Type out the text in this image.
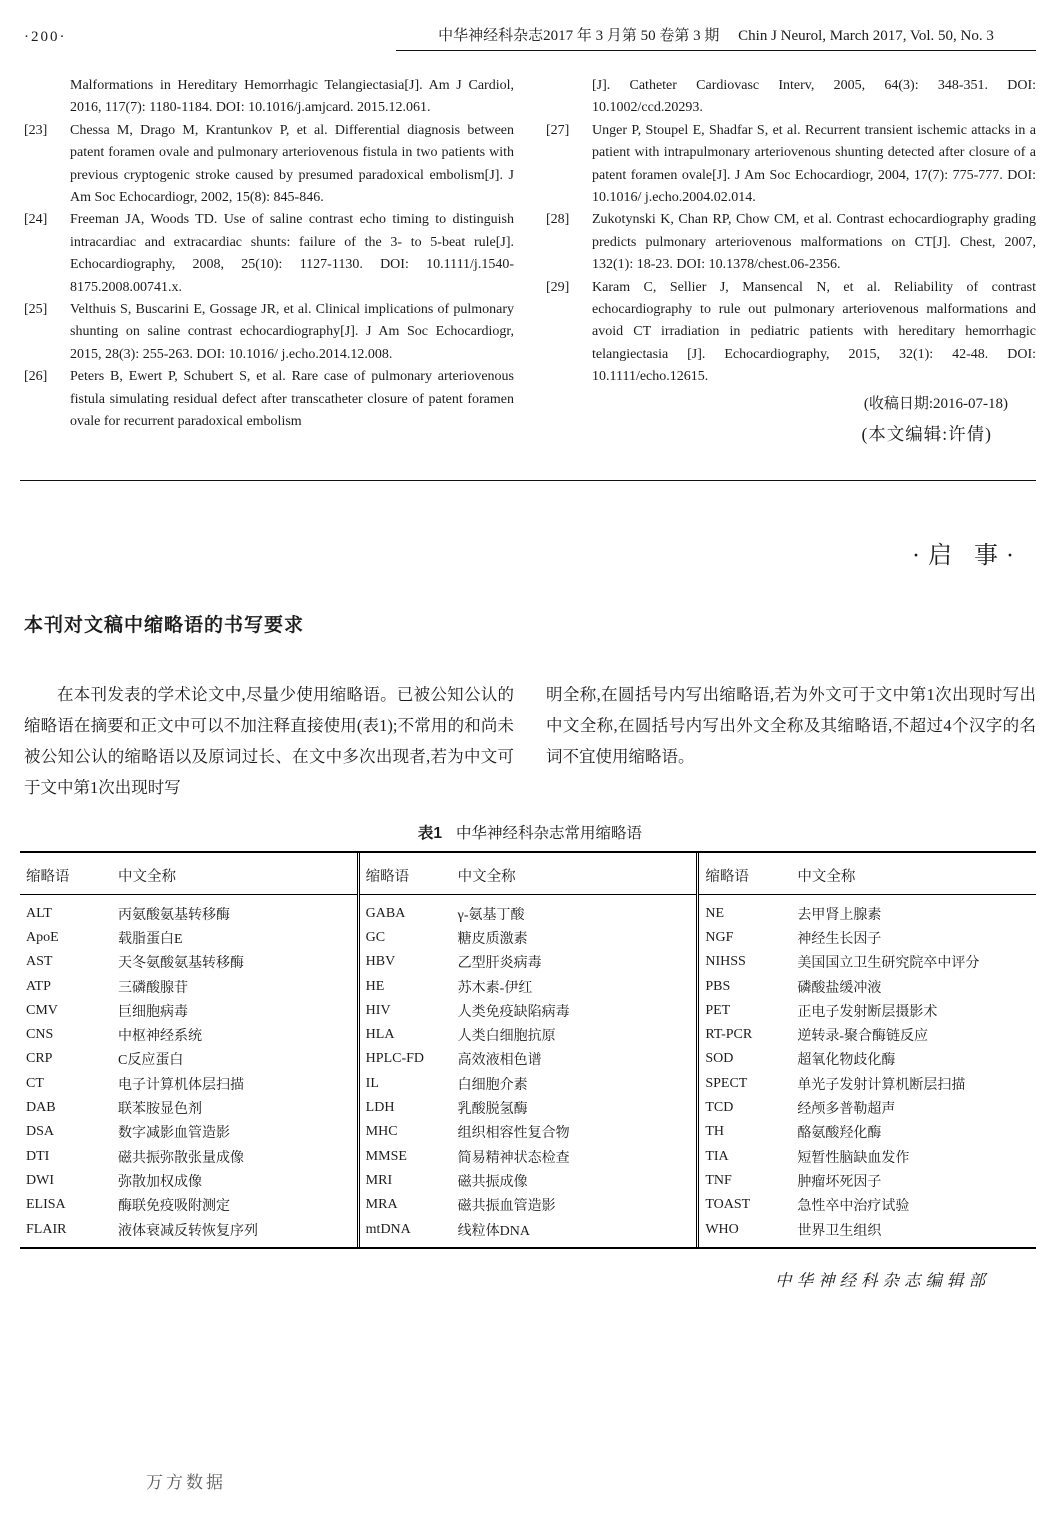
·200·	中华神经科杂志2017 年 3 月第 50 卷第 3 期　 Chin J Neurol, March 2017, Vol. 50, No. 3
Malformations in Hereditary Hemorrhagic Telangiectasia[J]. Am J Cardiol, 2016, 117(7): 1180-1184. DOI: 10.1016/j.amjcard. 2015.12.061.
[23]	Chessa M, Drago M, Krantunkov P, et al. Differential diagnosis between patent foramen ovale and pulmonary arteriovenous fistula in two patients with previous cryptogenic stroke caused by presumed paradoxical embolism[J]. J Am Soc Echocardiogr, 2002, 15(8): 845-846.
[24]	Freeman JA, Woods TD. Use of saline contrast echo timing to distinguish intracardiac and extracardiac shunts: failure of the 3- to 5-beat rule[J]. Echocardiography, 2008, 25(10): 1127-1130. DOI: 10.1111/j.1540-8175.2008.00741.x.
[25]	Velthuis S, Buscarini E, Gossage JR, et al. Clinical implications of pulmonary shunting on saline contrast echocardiography[J]. J Am Soc Echocardiogr, 2015, 28(3): 255-263. DOI: 10.1016/ j.echo.2014.12.008.
[26]	Peters B, Ewert P, Schubert S, et al. Rare case of pulmonary arteriovenous fistula simulating residual defect after transcatheter closure of patent foramen ovale for recurrent paradoxical embolism
[J]. Catheter Cardiovasc Interv, 2005, 64(3): 348-351. DOI: 10.1002/ccd.20293.
[27]	Unger P, Stoupel E, Shadfar S, et al. Recurrent transient ischemic attacks in a patient with intrapulmonary arteriovenous shunting detected after closure of a patent foramen ovale[J]. J Am Soc Echocardiogr, 2004, 17(7): 775-777. DOI: 10.1016/ j.echo.2004.02.014.
[28]	Zukotynski K, Chan RP, Chow CM, et al. Contrast echocardiography grading predicts pulmonary arteriovenous malformations on CT[J]. Chest, 2007, 132(1): 18-23. DOI: 10.1378/chest.06-2356.
[29]	Karam C, Sellier J, Mansencal N, et al. Reliability of contrast echocardiography to rule out pulmonary arteriovenous malformations and avoid CT irradiation in pediatric patients with hereditary hemorrhagic telangiectasia [J]. Echocardiography, 2015, 32(1): 42-48. DOI: 10.1111/echo.12615.
(收稿日期:2016-07-18)
(本文编辑:许倩)
·启 事·
本刊对文稿中缩略语的书写要求
在本刊发表的学术论文中,尽量少使用缩略语。已被公知公认的缩略语在摘要和正文中可以不加注释直接使用(表1);不常用的和尚未被公知公认的缩略语以及原词过长、在文中多次出现者,若为中文可于文中第1次出现时写
明全称,在圆括号内写出缩略语,若为外文可于文中第1次出现时写出中文全称,在圆括号内写出外文全称及其缩略语,不超过4个汉字的名词不宜使用缩略语。
表1 中华神经科杂志常用缩略语
缩略语	中文全称
ALT	丙氨酸氨基转移酶
ApoE	载脂蛋白E
AST	天冬氨酸氨基转移酶
ATP	三磷酸腺苷
CMV	巨细胞病毒
CNS	中枢神经系统
CRP	C反应蛋白
CT	电子计算机体层扫描
DAB	联苯胺显色剂
DSA	数字减影血管造影
DTI	磁共振弥散张量成像
DWI	弥散加权成像
ELISA	酶联免疫吸附测定
FLAIR	液体衰减反转恢复序列
缩略语	中文全称
GABA	γ-氨基丁酸
GC	糖皮质激素
HBV	乙型肝炎病毒
HE	苏木素-伊红
HIV	人类免疫缺陷病毒
HLA	人类白细胞抗原
HPLC-FD	高效液相色谱
IL	白细胞介素
LDH	乳酸脱氢酶
MHC	组织相容性复合物
MMSE	简易精神状态检查
MRI	磁共振成像
MRA	磁共振血管造影
mtDNA	线粒体DNA
缩略语	中文全称
NE	去甲肾上腺素
NGF	神经生长因子
NIHSS	美国国立卫生研究院卒中评分
PBS	磷酸盐缓冲液
PET	正电子发射断层摄影术
RT-PCR	逆转录-聚合酶链反应
SOD	超氧化物歧化酶
SPECT	单光子发射计算机断层扫描
TCD	经颅多普勒超声
TH	酪氨酸羟化酶
TIA	短暂性脑缺血发作
TNF	肿瘤坏死因子
TOAST	急性卒中治疗试验
WHO	世界卫生组织
中华神经科杂志编辑部
万方数据
